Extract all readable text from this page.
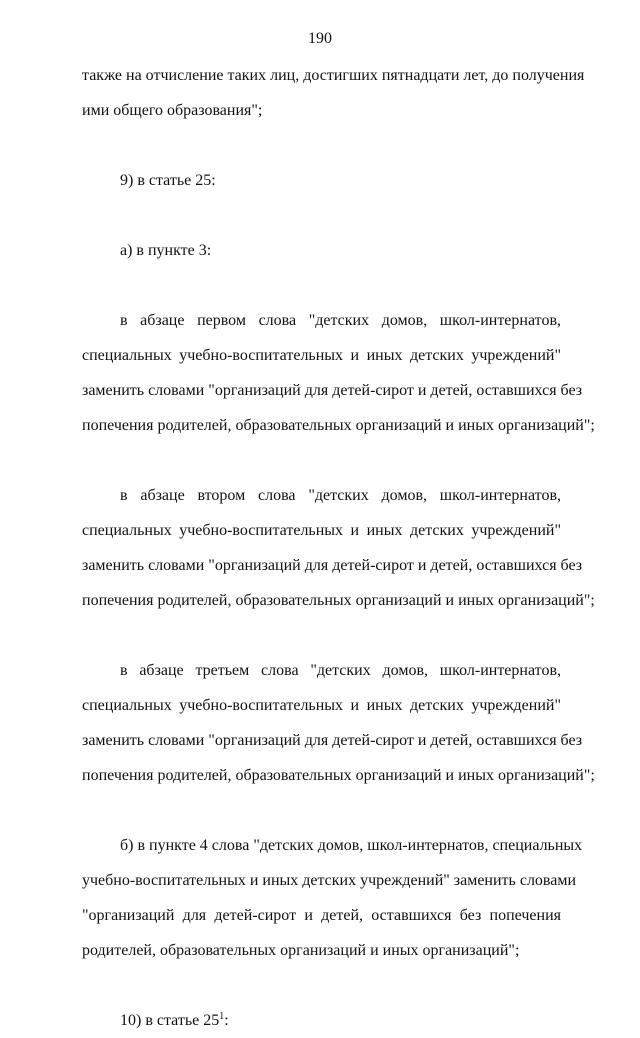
190
также на отчисление таких лиц, достигших пятнадцати лет, до получения
ими общего образования";
9) в статье 25:
а) в пункте 3:
в абзаце первом слова "детских домов, школ-интернатов,
специальных учебно-воспитательных и иных детских учреждений"
заменить словами "организаций для детей-сирот и детей, оставшихся без
попечения родителей, образовательных организаций и иных организаций";
в абзаце втором слова "детских домов, школ-интернатов,
специальных учебно-воспитательных и иных детских учреждений"
заменить словами "организаций для детей-сирот и детей, оставшихся без
попечения родителей, образовательных организаций и иных организаций";
в абзаце третьем слова "детских домов, школ-интернатов,
специальных учебно-воспитательных и иных детских учреждений"
заменить словами "организаций для детей-сирот и детей, оставшихся без
попечения родителей, образовательных организаций и иных организаций";
б) в пункте 4 слова "детских домов, школ-интернатов, специальных
учебно-воспитательных и иных детских учреждений" заменить словами
"организаций для детей-сирот и детей, оставшихся без попечения
родителей, образовательных организаций и иных организаций";
10) в статье $25^1$:
